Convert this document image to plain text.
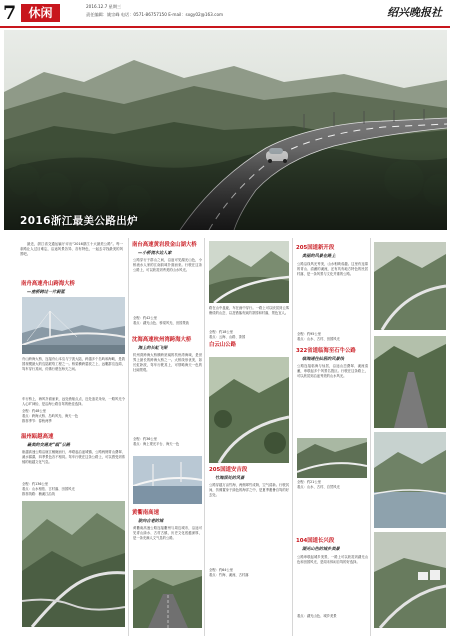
7	休闲	2016.12.7 星期三
责任编辑：姚宗峰 电话：0571-86757150 E-mail：sxgy02@163.com	绍兴晚报社
2016浙江最美公路出炉
最近，浙江省交通运输厅评出“2016浙江十大最美公路”。每一条路让人过目难忘，沿途风景各异、各有特色，一起去寻找最美的风景吧。
南舟高速舟山跨海大桥
—座桥跨过一片蔚蓝

舟山跨海大桥，连接舟山本岛与宁波大陆，跨越多个岛屿和海峡，是我国规模最大的岛陆联络工程之一。桥梁横跨碧波之上，远眺群岛连绵，驾车穿行其间，仿佛行驶在海天之间。

车行桥上，海风扑面而来，远处渔船点点，近处浪花朵朵，一路风光令人心旷神怡，是沿海公路自驾的绝佳选择。

全程：约48公里

看点：跨海大桥、岛屿风光、海天一色

推荐季节：春秋两季

温州瓯越高速
最美的交通走“瓯”公路

瓯越高速公路沿瓯江蜿蜒而行，串联起沿途城镇，公路两侧青山叠翠、溪水潺潺，四季景色各不相同。驾车行驶在这条公路上，可以感受到浓郁的瓯越文化气息。

全程：约136公里

看点：山水相依、古村落、田园风光

推荐线路：楠溪江沿线

南台高速黄岩段金山湖大桥
—小桥流水边人家

公路穿行于群山之间，沿途可见湖光山色，小桥流水人家的江南韵味扑面而来。行驶在这条公路上，可以欣赏到秀美的山水风光。

全程：约42公里

看点：湖光山色、桥梁风光、田园景致

沈海高速杭州湾跨海大桥
海上的长虹飞架

杭州湾跨海大桥横跨宽阔的杭州湾海域，是世界上最长的跨海大桥之一。大桥线形优美，如长虹卧波，驾车行驶其上，可领略海天一色的壮阔景观。

全程：约36公里

看点：海上观光平台、海天一色

黄衢南高速
驶向古老的城

黄衢南高速公路连接衢州与周边城市，沿途可见青山绿水、古村古镇，历史文化底蕴深厚，是一条充满人文气息的公路。

路在山中盘旋，车在画中穿行。一路上可以欣赏到云雾缭绕的山峦，以及错落有致的茶园和村落，景色宜人。

全程：约18公里

看点：云海、山路、茶园

白云山公路
205国道安吉段
竹海深处的风景

公路穿越万亩竹海，两侧翠竹成荫，空气清新。行驶其间，仿佛置身于绿色的海洋之中，是夏季避暑自驾的好去处。

全程：约64公里

看点：竹海、溪流、古村落

205国道新开段
美丽的风景在路上

公路沿线风光秀美，山水相映成趣。这里有连绵的青山、清澈的溪流，还有具有地方特色的民居村落，是一条风景与文化并重的公路。

全程：约95公里

看点：山水、古村、田园风光

322省道临海至石牛公路
临海通往仙居的风景线

公路连接临海与仙居，沿途山峦叠翠、溪流清澈，串联起多个风景名胜区。行驶在这条路上，可以欣赏到沿途秀美的山水风光。

全程：约21公里

看点：山水、古村、自然风光

104国道长兴段
湖光山色的城乡美景

公路串联起城乡美景，一路上可以欣赏到湖光山色和田园风光，是周末休闲自驾的好选择。

看点：湖光山色、城乡美景
